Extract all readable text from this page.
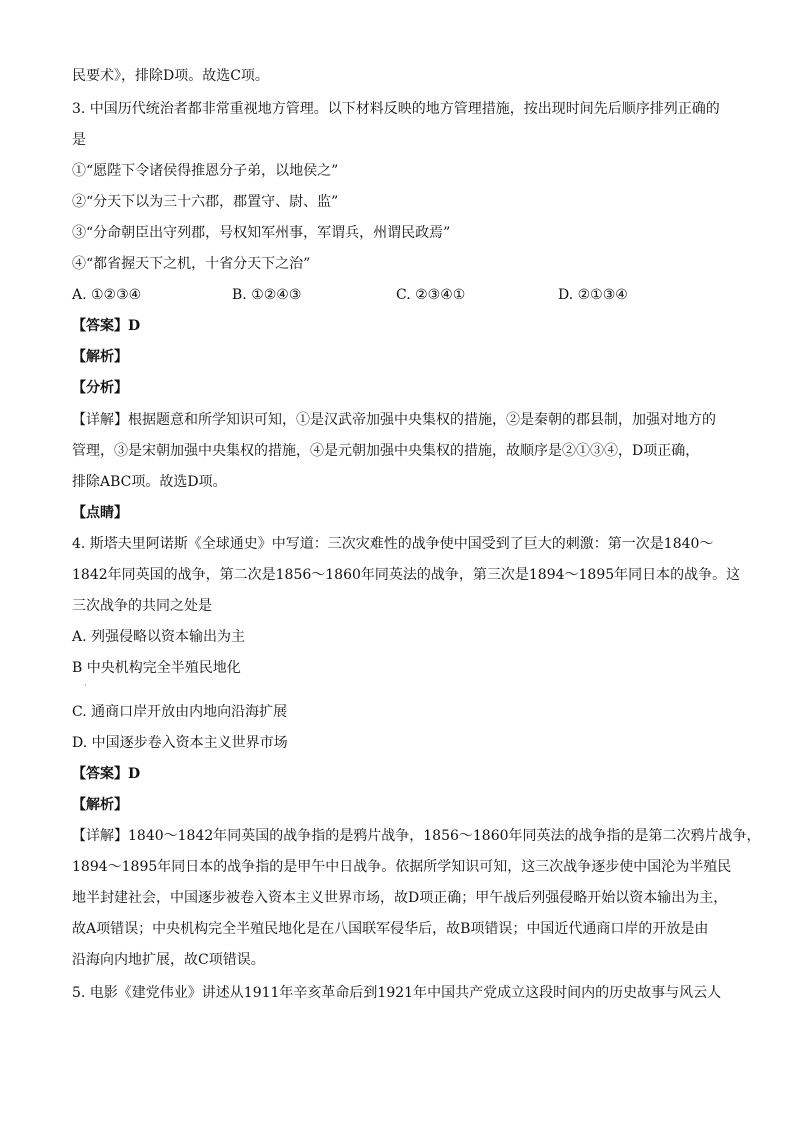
民要术》，排除D项。故选C项。
3. 中国历代统治者都非常重视地方管理。以下材料反映的地方管理措施，按出现时间先后顺序排列正确的
是
①“愿陛下令诸侯得推恩分子弟，以地侯之”
②“分天下以为三十六郡，郡置守、尉、监”
③“分命朝臣出守列郡，号权知军州事，军谓兵，州谓民政焉”
④“都省握天下之机，十省分天下之治”
A. ①②③④	B. ①②④③	C. ②③④①	D. ②①③④
【答案】D
【解析】
【分析】
【详解】根据题意和所学知识可知，①是汉武帝加强中央集权的措施，②是秦朝的郡县制，加强对地方的
管理，③是宋朝加强中央集权的措施，④是元朝加强中央集权的措施，故顺序是②①③④，D项正确，
排除ABC项。故选D项。
【点睛】
4. 斯塔夫里阿诺斯《全球通史》中写道：三次灾难性的战争使中国受到了巨大的刺激：第一次是1840～
1842年同英国的战争，第二次是1856～1860年同英法的战争，第三次是1894～1895年同日本的战争。这
三次战争的共同之处是
A. 列强侵略以资本输出为主
B 中央机构完全半殖民地化
·
C. 通商口岸开放由内地向沿海扩展
D. 中国逐步卷入资本主义世界市场
【答案】D
【解析】
【详解】1840～1842年同英国的战争指的是鸦片战争，1856～1860年同英法的战争指的是第二次鸦片战争，
1894～1895年同日本的战争指的是甲午中日战争。依据所学知识可知，这三次战争逐步使中国沦为半殖民
地半封建社会，中国逐步被卷入资本主义世界市场，故D项正确；甲午战后列强侵略开始以资本输出为主，
故A项错误；中央机构完全半殖民地化是在八国联军侵华后，故B项错误；中国近代通商口岸的开放是由
沿海向内地扩展，故C项错误。
5. 电影《建党伟业》讲述从1911年辛亥革命后到1921年中国共产党成立这段时间内的历史故事与风云人
